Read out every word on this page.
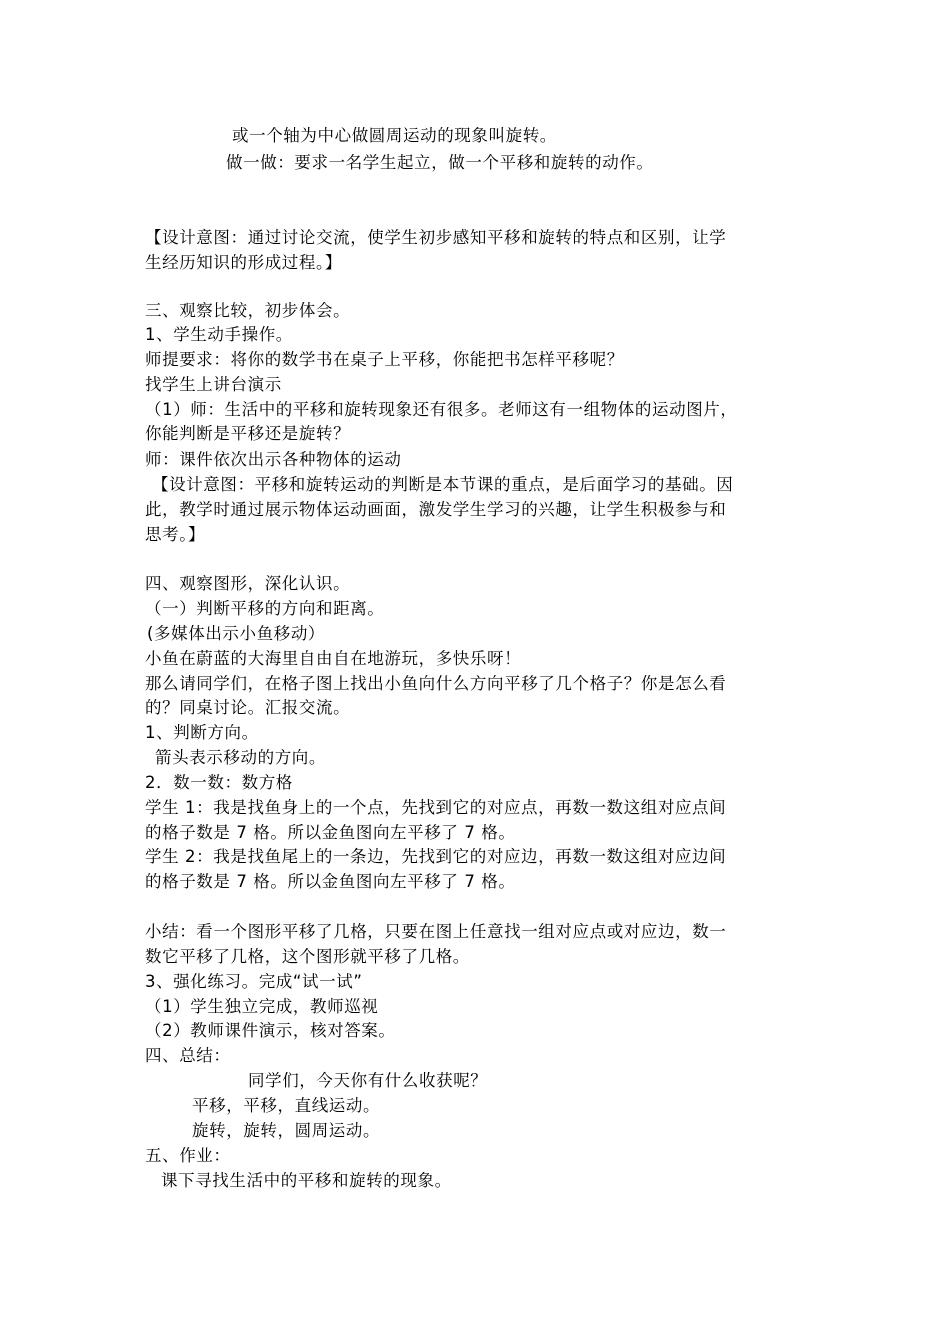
或一个轴为中心做圆周运动的现象叫旋转。
做一做：要求一名学生起立，做一个平移和旋转的动作。
【设计意图：通过讨论交流，使学生初步感知平移和旋转的特点和区别，让学
生经历知识的形成过程。】
三、观察比较，初步体会。
1、学生动手操作。
师提要求：将你的数学书在桌子上平移，你能把书怎样平移呢？
找学生上讲台演示
（1）师：生活中的平移和旋转现象还有很多。老师这有一组物体的运动图片，
你能判断是平移还是旋转？
师：课件依次出示各种物体的运动
【设计意图：平移和旋转运动的判断是本节课的重点，是后面学习的基础。因
此，教学时通过展示物体运动画面，激发学生学习的兴趣，让学生积极参与和
思考。】
四、观察图形，深化认识。
（一）判断平移的方向和距离。
(多媒体出示小鱼移动）
小鱼在蔚蓝的大海里自由自在地游玩，多快乐呀！
那么请同学们，在格子图上找出小鱼向什么方向平移了几个格子？你是怎么看
的？同桌讨论。汇报交流。
1、判断方向。
箭头表示移动的方向。
2．数一数：数方格
学生 1：我是找鱼身上的一个点，先找到它的对应点，再数一数这组对应点间
的格子数是 7 格。所以金鱼图向左平移了 7 格。
学生 2：我是找鱼尾上的一条边，先找到它的对应边，再数一数这组对应边间
的格子数是 7 格。所以金鱼图向左平移了 7 格。
小结：看一个图形平移了几格，只要在图上任意找一组对应点或对应边，数一
数它平移了几格，这个图形就平移了几格。
3、强化练习。完成“试一试”
（1）学生独立完成，教师巡视
（2）教师课件演示，核对答案。
四、总结：
同学们，今天你有什么收获呢？
平移，平移，直线运动。
旋转，旋转，圆周运动。
五、作业：
课下寻找生活中的平移和旋转的现象。
